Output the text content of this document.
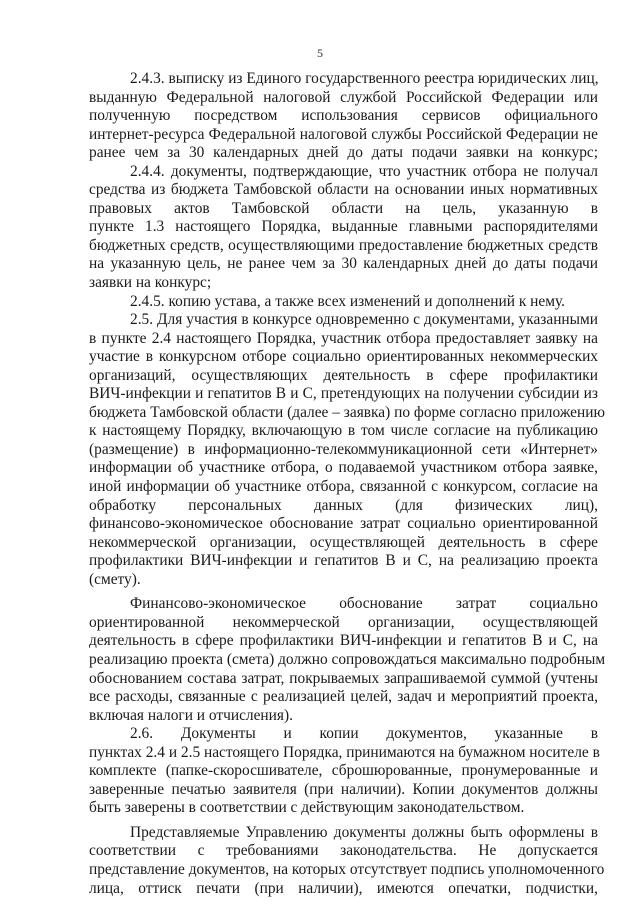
5

2.4.3. выписку из Единого государственного реестра юридических лиц,
выданную Федеральной налоговой службой Российской Федерации или
полученную посредством использования сервисов официального
интернет-ресурса Федеральной налоговой службы Российской Федерации не
ранее чем за 30 календарных дней до даты подачи заявки на конкурс;

2.4.4. документы, подтверждающие, что участник отбора не получал
средства из бюджета Тамбовской области на основании иных нормативных
правовых актов Тамбовской области на цель, указанную в
пункте 1.3 настоящего Порядка, выданные главными распорядителями
бюджетных средств, осуществляющими предоставление бюджетных средств
на указанную цель, не ранее чем за 30 календарных дней до даты подачи
заявки на конкурс;

2.4.5. копию устава, а также всех изменений и дополнений к нему.

2.5. Для участия в конкурсе одновременно с документами, указанными
в пункте 2.4 настоящего Порядка, участник отбора предоставляет заявку на
участие в конкурсном отборе социально ориентированных некоммерческих
организаций, осуществляющих деятельность в сфере профилактики
ВИЧ-инфекции и гепатитов В и С, претендующих на получении субсидии из
бюджета Тамбовской области (далее – заявка) по форме согласно приложению
к настоящему Порядку, включающую в том числе согласие на публикацию
(размещение) в информационно-телекоммуникационной сети «Интернет»
информации об участнике отбора, о подаваемой участником отбора заявке,
иной информации об участнике отбора, связанной с конкурсом, согласие на
обработку персональных данных (для физических лиц),
финансово-экономическое обоснование затрат социально ориентированной
некоммерческой организации, осуществляющей деятельность в сфере
профилактики ВИЧ-инфекции и гепатитов В и С, на реализацию проекта
(смету).

Финансово-экономическое обоснование затрат социально
ориентированной некоммерческой организации, осуществляющей
деятельность в сфере профилактики ВИЧ-инфекции и гепатитов В и С, на
реализацию проекта (смета) должно сопровождаться максимально подробным
обоснованием состава затрат, покрываемых запрашиваемой суммой (учтены
все расходы, связанные с реализацией целей, задач и мероприятий проекта,
включая налоги и отчисления).

2.6. Документы и копии документов, указанные в
пунктах 2.4 и 2.5 настоящего Порядка, принимаются на бумажном носителе в
комплекте (папке-скоросшивателе, сброшюрованные, пронумерованные и
заверенные печатью заявителя (при наличии). Копии документов должны
быть заверены в соответствии с действующим законодательством.

Представляемые Управлению документы должны быть оформлены в
соответствии с требованиями законодательства. Не допускается
представление документов, на которых отсутствует подпись уполномоченного
лица, оттиск печати (при наличии), имеются опечатки, подчистки,
